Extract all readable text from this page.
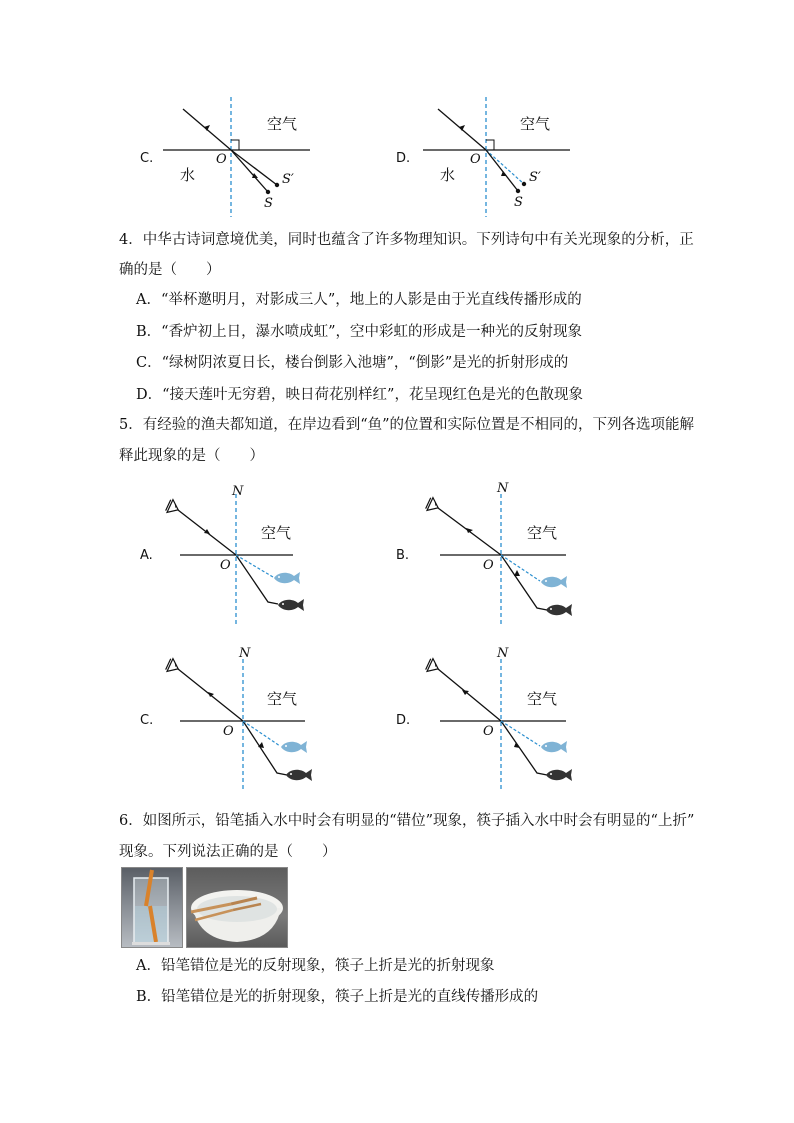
C.
空气
水
O
S′
S
D.
空气
水
O
S′
S
4．中华古诗词意境优美，同时也蕴含了许多物理知识。下列诗句中有关光现象的分析，正
确的是（　　）
A．“举杯邀明月，对影成三人”，地上的人影是由于光直线传播形成的
B．“香炉初上日，瀑水喷成虹”，空中彩虹的形成是一种光的反射现象
C．“绿树阴浓夏日长，楼台倒影入池塘”，“倒影”是光的折射形成的
D．“接天莲叶无穷碧，映日荷花别样红”，花呈现红色是光的色散现象
5．有经验的渔夫都知道，在岸边看到“鱼”的位置和实际位置是不相同的，下列各选项能解
释此现象的是（　　）
A.
N
空气
O
B.
N
空气
O
C.
N
空气
O
D.
N
空气
O
6．如图所示，铅笔插入水中时会有明显的“错位”现象，筷子插入水中时会有明显的“上折”
现象。下列说法正确的是（　　）
A．铅笔错位是光的反射现象，筷子上折是光的折射现象
B．铅笔错位是光的折射现象，筷子上折是光的直线传播形成的
